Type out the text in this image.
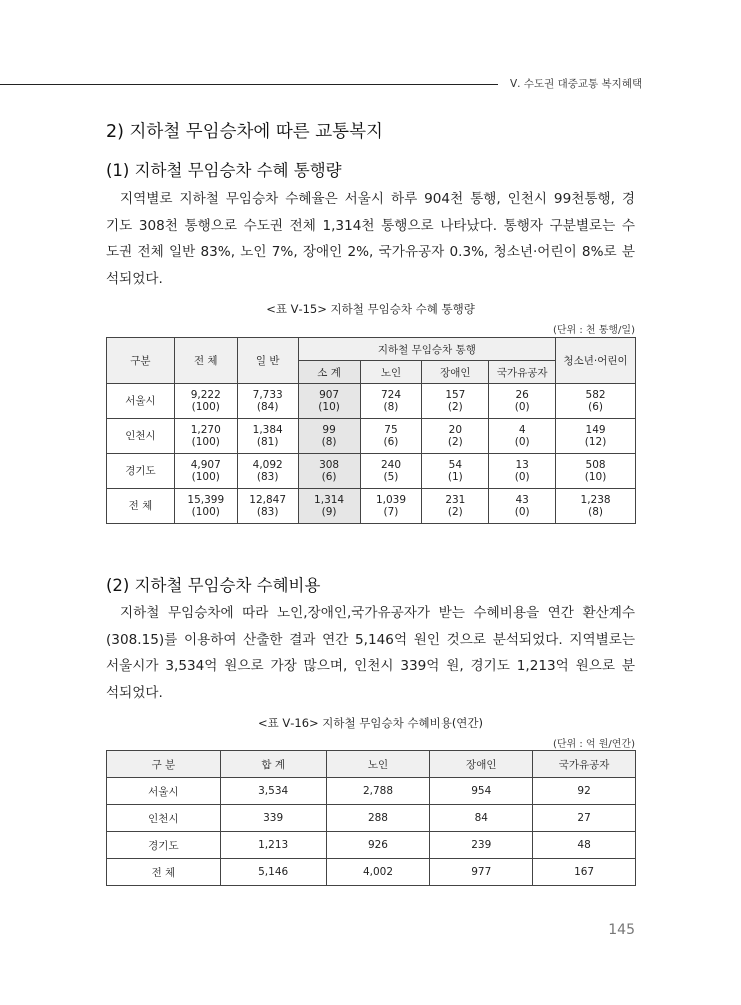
Ⅴ. 수도권 대중교통 복지혜택
2) 지하철 무임승차에 따른 교통복지
(1) 지하철 무임승차 수혜 통행량

지역별로 지하철 무임승차 수혜율은 서울시 하루 904천 통행, 인천시 99천통행, 경
기도 308천 통행으로 수도권 전체 1,314천 통행으로 나타났다. 통행자 구분별로는 수
도권 전체 일반 83%, 노인 7%, 장애인 2%, 국가유공자 0.3%, 청소년·어린이 8%로 분
석되었다.

<표 Ⅴ-15> 지하철 무임승차 수혜 통행량
(단위 : 천 통행/일)
구분	전 체	일 반	지하철 무임승차 통행				청소년·어린이
			소 계	노인	장애인	국가유공자	
서울시	9,222
(100)	7,733
(84)	907
(10)	724
(8)	157
(2)	26
(0)	582
(6)

인천시	1,270
(100)	1,384
(81)	99
(8)	75
(6)	20
(2)	4
(0)	149
(12)

경기도	4,907
(100)	4,092
(83)	308
(6)	240
(5)	54
(1)	13
(0)	508
(10)

전 체	15,399
(100)	12,847
(83)	1,314
(9)	1,039
(7)	231
(2)	43
(0)	1,238
(8)
(2) 지하철 무임승차 수혜비용

지하철 무임승차에 따라 노인,장애인,국가유공자가 받는 수혜비용을 연간 환산계수
(308.15)를 이용하여 산출한 결과 연간 5,146억 원인 것으로 분석되었다. 지역별로는
서울시가 3,534억 원으로 가장 많으며, 인천시 339억 원, 경기도 1,213억 원으로 분
석되었다.

<표 Ⅴ-16> 지하철 무임승차 수혜비용(연간)
(단위 : 억 원/연간)
구 분	합 계	노인	장애인	국가유공자
서울시	3,534	2,788	954	92
인천시	339	288	84	27
경기도	1,213	926	239	48
전 체	5,146	4,002	977	167
145
